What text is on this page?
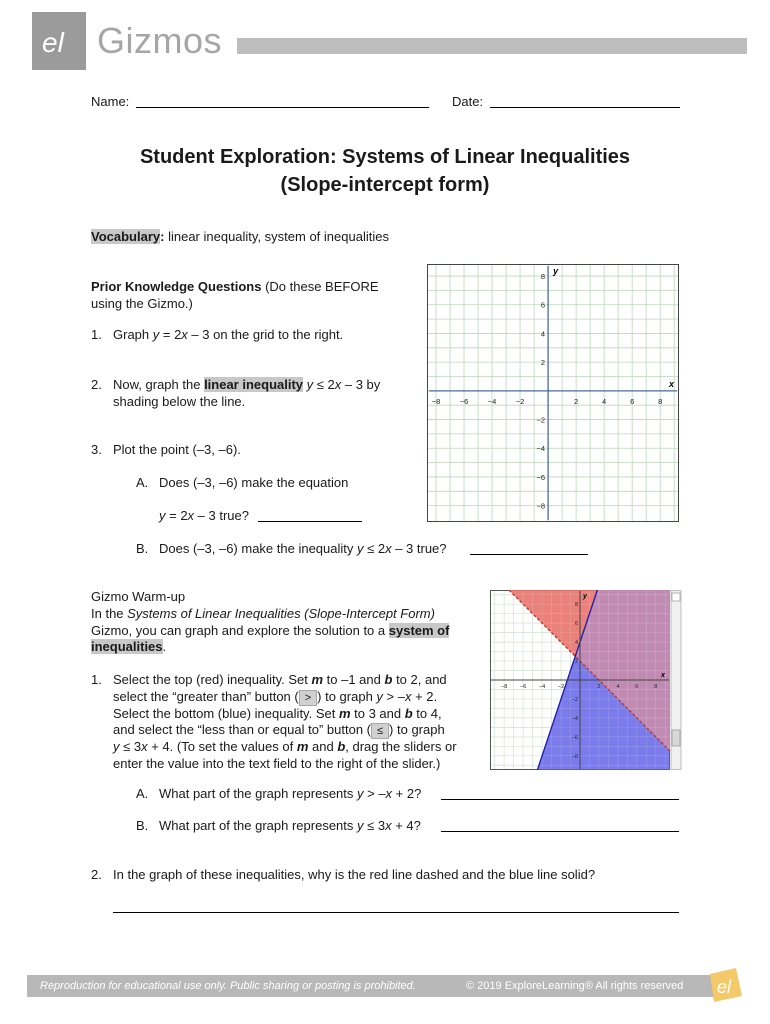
el Gizmos
Name:	Date:
Student Exploration: Systems of Linear Inequalities
(Slope-intercept form)
Vocabulary: linear inequality, system of inequalities
Prior Knowledge Questions (Do these BEFORE
using the Gizmo.)
1. Graph y = 2x – 3 on the grid to the right.
2. Now, graph the linear inequality y ≤ 2x – 3 by
shading below the line.
3. Plot the point (–3, –6).
A. Does (–3, –6) make the equation
y = 2x – 3 true?
B. Does (–3, –6) make the inequality y ≤ 2x – 3 true?
−8	−6	−4	−2	2	4	6	8
8
6
4
2
−2
−4
−6
−8
x
y
Gizmo Warm-up
In the Systems of Linear Inequalities (Slope-Intercept Form)
Gizmo, you can graph and explore the solution to a system of
inequalities.
1. Select the top (red) inequality. Set m to –1 and b to 2, and
select the “greater than” button ( > ) to graph y > –x + 2.
Select the bottom (blue) inequality. Set m to 3 and b to 4,
and select the “less than or equal to” button ( ≤ ) to graph
y ≤ 3x + 4. (To set the values of m and b, drag the sliders or
enter the value into the text field to the right of the slider.)
A. What part of the graph represents y > –x + 2?
B. What part of the graph represents y ≤ 3x + 4?
2. In the graph of these inequalities, why is the red line dashed and the blue line solid?
−8 −6 −4 −2	2	4	6	8
8
6
4
2
−2
−4
−6
−8
x
y
Reproduction for educational use only. Public sharing or posting is prohibited.	© 2019 ExploreLearning® All rights reserved el
